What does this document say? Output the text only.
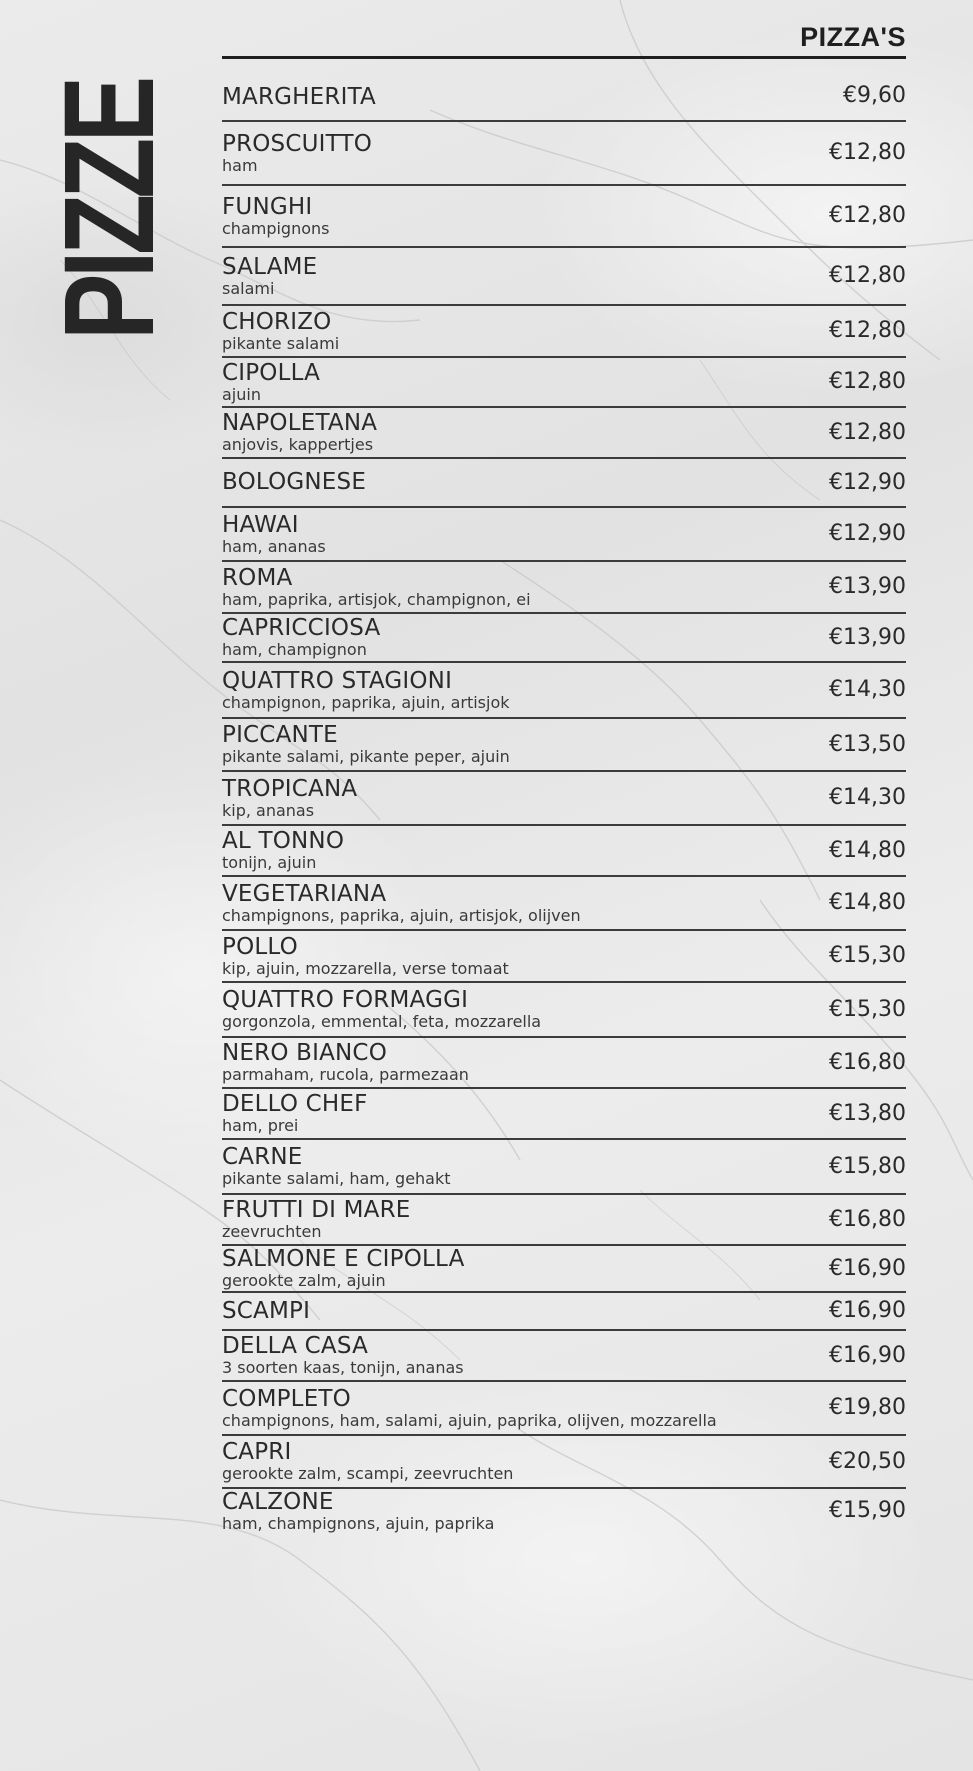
PIZZE
PIZZA'S
MARGHERITA	€9,60
PROSCUITTO
ham	€12,80
FUNGHI
champignons	€12,80
SALAME
salami	€12,80
CHORIZO
pikante salami	€12,80
CIPOLLA
ajuin	€12,80
NAPOLETANA
anjovis, kappertjes	€12,80
BOLOGNESE	€12,90
HAWAI
ham, ananas	€12,90
ROMA
ham, paprika, artisjok, champignon, ei	€13,90
CAPRICCIOSA
ham, champignon	€13,90
QUATTRO STAGIONI
champignon, paprika, ajuin, artisjok	€14,30
PICCANTE
pikante salami, pikante peper, ajuin	€13,50
TROPICANA
kip, ananas	€14,30
AL TONNO
tonijn, ajuin	€14,80
VEGETARIANA
champignons, paprika, ajuin, artisjok, olijven	€14,80
POLLO
kip, ajuin, mozzarella, verse tomaat	€15,30
QUATTRO FORMAGGI
gorgonzola, emmental, feta, mozzarella	€15,30
NERO BIANCO
parmaham, rucola, parmezaan	€16,80
DELLO CHEF
ham, prei	€13,80
CARNE
pikante salami, ham, gehakt	€15,80
FRUTTI DI MARE
zeevruchten	€16,80
SALMONE E CIPOLLA
gerookte zalm, ajuin	€16,90
SCAMPI	€16,90
DELLA CASA
3 soorten kaas, tonijn, ananas	€16,90
COMPLETO
champignons, ham, salami, ajuin, paprika, olijven, mozzarella	€19,80
CAPRI
gerookte zalm, scampi, zeevruchten	€20,50
CALZONE
ham, champignons, ajuin, paprika	€15,90
